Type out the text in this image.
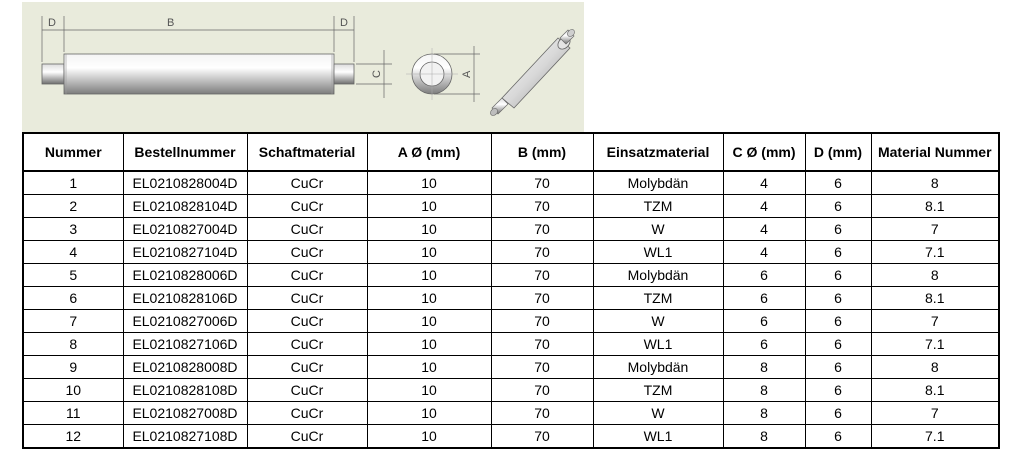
D	B	D
C	A
Nummer	Bestellnummer	Schaftmaterial	A Ø (mm)	B (mm)	Einsatzmaterial	C Ø (mm)	D (mm)	Material Nummer
1	EL0210828004D	CuCr	10	70	Molybdän	4	6	8
2	EL0210828104D	CuCr	10	70	TZM	4	6	8.1
3	EL0210827004D	CuCr	10	70	W	4	6	7
4	EL0210827104D	CuCr	10	70	WL1	4	6	7.1
5	EL0210828006D	CuCr	10	70	Molybdän	6	6	8
6	EL0210828106D	CuCr	10	70	TZM	6	6	8.1
7	EL0210827006D	CuCr	10	70	W	6	6	7
8	EL0210827106D	CuCr	10	70	WL1	6	6	7.1
9	EL0210828008D	CuCr	10	70	Molybdän	8	6	8
10	EL0210828108D	CuCr	10	70	TZM	8	6	8.1
11	EL0210827008D	CuCr	10	70	W	8	6	7
12	EL0210827108D	CuCr	10	70	WL1	8	6	7.1
